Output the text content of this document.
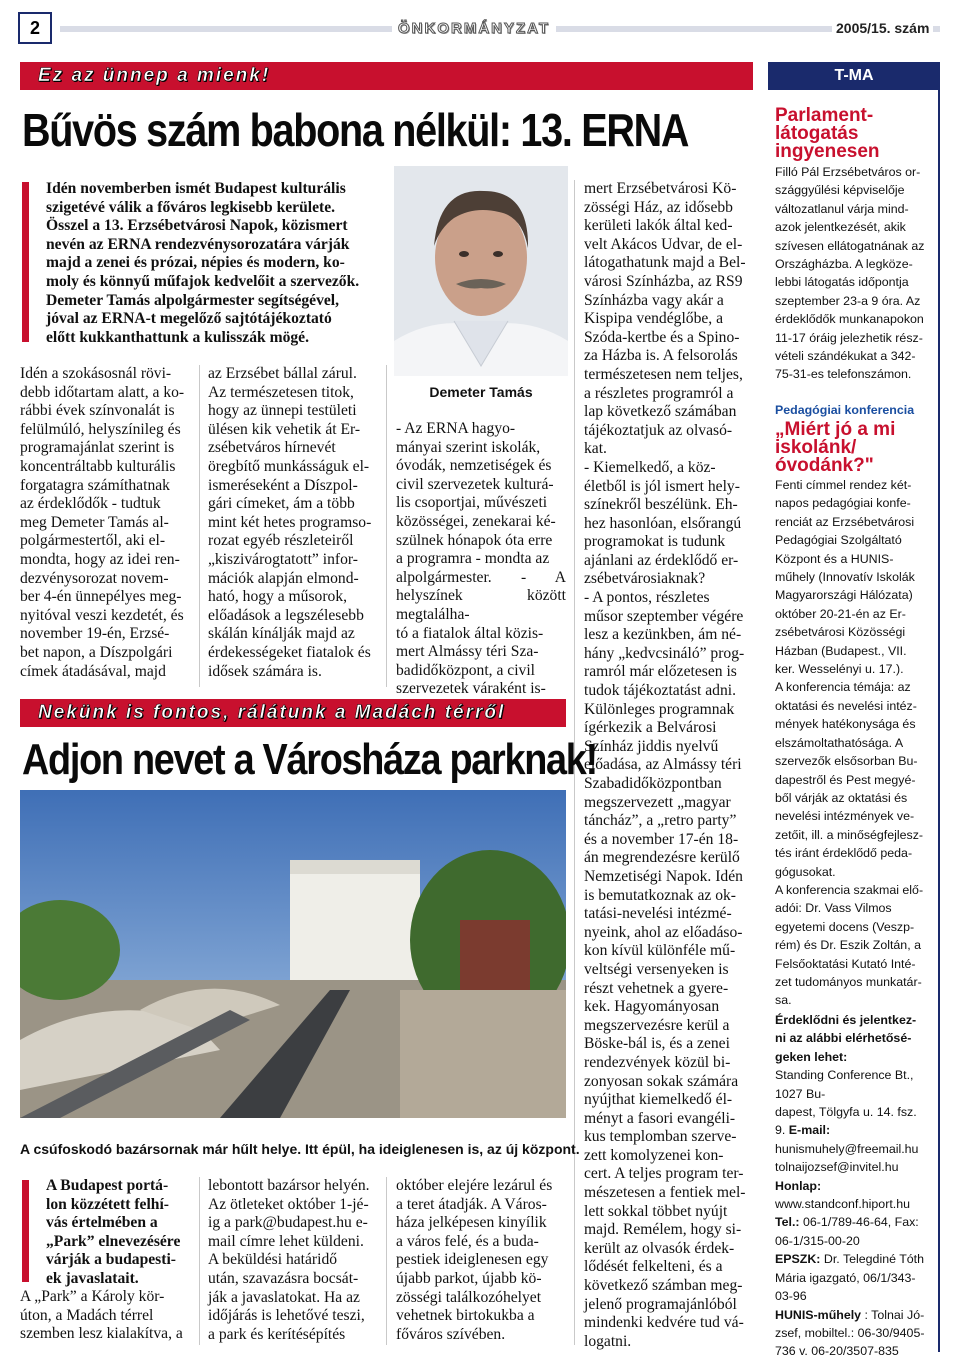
2	ÖNKORMÁNYZAT	2005/15. szám
Ez az ünnep a mienk!
Bűvös szám babona nélkül: 13. ERNA
Idén novemberben ismét Budapest kulturális
szigetévé válik a főváros legkisebb kerülete.
Összel a 13. Erzsébetvárosi Napok, közismert
nevén az ERNA rendezvénysorozatára várják
majd a zenei és prózai, népies és modern, ko-
moly és könnyű műfajok kedvelőit a szervezők.
Demeter Tamás alpolgármester segítségével,
jóval az ERNA-t megelőző sajtótájékoztató
előtt kukkanthattunk a kulisszák mögé.
Demeter Tamás
Idén a szokásosnál rövi-
debb időtartam alatt, a ko-
rábbi évek színvonalát is
felülmúló, helyszínileg és
programajánlat szerint is
koncentráltabb kulturális
forgatagra számíthatnak
az érdeklődők - tudtuk
meg Demeter Tamás al-
polgármestertől, aki el-
mondta, hogy az idei ren-
dezvénysorozat novem-
ber 4-én ünnepélyes meg-
nyitóval veszi kezdetét, és
november 19-én, Erzsé-
bet napon, a Díszpolgári
címek átadásával, majd
az Erzsébet bállal zárul.
Az természetesen titok,
hogy az ünnepi testületi
ülésen kik vehetik át Er-
zsébetváros hírnevét
öregbítő munkásságuk el-
ismeréseként a Díszpol-
gári címeket, ám a több
mint két hetes programso-
rozat egyéb részleteiről
„kiszivárogtatott” infor-
mációk alapján elmond-
ható, hogy a műsorok,
előadások a legszélesebb
skálán kínálják majd az
érdekességeket fiatalok és
idősek számára is.
- Az ERNA hagyo-
mányai szerint iskolák,
óvodák, nemzetiségek és
civil szervezetek kulturá-
lis csoportjai, művészeti
közösségei, zenekarai ké-
szülnek hónapok óta erre
a programra - mondta az
alpolgármester. - A helyszínek között megtalálha-
tó a fiatalok által közis-
mert Almássy téri Sza-
badidőközpont, a civil
szervezetek váraként is-
mert Erzsébetvárosi Kö-
zösségi Ház, az idősebb
kerületi lakók által ked-
velt Akácos Udvar, de el-
látogathatunk majd a Bel-
városi Színházba, az RS9
Színházba vagy akár a
Kispipa vendéglőbe, a
Szóda-kertbe és a Spino-
za Házba is. A felsorolás
természetesen nem teljes,
a részletes programról a
lap következő számában
tájékoztatjuk az olvasó-
kat.
- Kiemelkedő, a köz-
életből is jól ismert hely-
színekről beszélünk. Eh-
hez hasonlóan, elsőrangú
programokat is tudunk
ajánlani az érdeklődő er-
zsébetvárosiaknak?
- A pontos, részletes
műsor szeptember végére
lesz a kezünkben, ám né-
hány „kedvcsináló” prog-
ramról már előzetesen is
tudok tájékoztatást adni.
Különleges programnak
ígérkezik a Belvárosi
Színház jiddis nyelvű
előadása, az Almássy téri
Szabadidőközpontban
megszervezett „magyar
táncház”, a „retro party”
és a november 17-én 18-
án megrendezésre kerülő
Nemzetiségi Napok. Idén
is bemutatkoznak az ok-
tatási-nevelési intézmé-
nyeink, ahol az előadáso-
kon kívül különféle mű-
veltségi versenyeken is
részt vehetnek a gyere-
kek. Hagyományosan
megszervezésre kerül a
Böske-bál is, és a zenei
rendezvények közül bi-
zonyosan sokak számára
nyújthat kiemelkedő él-
ményt a fasori evangéli-
kus templomban szerve-
zett komolyzenei kon-
cert. A teljes program ter-
mészetesen a fentiek mel-
lett sokkal többet nyújt
majd. Remélem, hogy si-
került az olvasók érdek-
lődését felkelteni, és a
következő számban meg-
jelenő programajánlóból
mindenki kedvére tud vá-
logatni.
Nekünk is fontos, rálátunk a Madách térről
Adjon nevet a Városháza parknak!
A csúfoskodó bazársornak már hűlt helye. Itt épül, ha ideiglenesen is, az új központ.
A Budapest portá-
lon közzétett felhí-
vás értelmében a
„Park” elnevezésére
várják a budapesti-
ek javaslatait.
A „Park” a Károly kör-
úton, a Madách térrel
szemben lesz kialakítva, a
lebontott bazársor helyén.
Az ötleteket október 1-jé-
ig a park@budapest.hu e-
mail címre lehet küldeni.
A beküldési határidő
után, szavazásra bocsát-
ják a javaslatokat. Ha az
időjárás is lehetővé teszi,
a park és kerítésépítés
október elejére lezárul és
a teret átadják. A Város-
háza jelképesen kinyílik
a város felé, és a buda-
pestiek ideiglenesen egy
újabb parkot, újabb kö-
zösségi találkozóhelyet
vehetnek birtokukba a
főváros szívében.
T-MA
Parlament-
látogatás
ingyenesen
Filló Pál Erzsébetváros or-
szággyűlési képviselője
változatlanul várja mind-
azok jelentkezését, akik
szívesen ellátogatnának az
Országházba. A legköze-
lebbi látogatás időpontja
szeptember 23-a 9 óra. Az
érdeklődők munkanapokon
11-17 óráig jelezhetik rész-
vételi szándékukat a 342-
75-31-es telefonszámon.
Pedagógiai konferencia
„Miért jó a mi
iskolánk/
óvodánk?"
Fenti címmel rendez két-
napos pedagógiai konfe-
renciát az Erzsébetvárosi
Pedagógiai Szolgáltató
Központ és a HUNIS-
műhely (Innovatív Iskolák
Magyarországi Hálózata)
október 20-21-én az Er-
zsébetvárosi Közösségi
Házban (Budapest., VII.
ker. Wesselényi u. 17.).
A konferencia témája: az
oktatási és nevelési intéz-
mények hatékonysága és
elszámoltathatósága. A
szervezők elsősorban Bu-
dapestről és Pest megyé-
ből várják az oktatási és
nevelési intézmények ve-
zetőit, ill. a minőségfejlesz-
tés iránt érdeklődő peda-
gógusokat.
A konferencia szakmai elő-
adói: Dr. Vass Vilmos
egyetemi docens (Veszp-
rém) és Dr. Eszik Zoltán, a
Felsőoktatási Kutató Inté-
zet tudományos munkatár-
sa.
Érdeklődni és jelentkez-
ni az alábbi elérhetősé-
geken lehet:
Standing Conference Bt., 1027 Bu-
dapest, Tölgyfa u. 14. fsz.
9. E-mail:
hunismuhely@freemail.hu
tolnaijozsef@invitel.hu
Honlap:
www.standconf.hiport.hu
Tel.: 06-1/789-46-64, Fax:
06-1/315-00-20
EPSZK: Dr. Telegdiné Tóth
Mária igazgató, 06/1/343-
03-96
HUNIS-műhely : Tolnai Jó-
zsef, mobiltel.: 06-30/9405-
736 v. 06-20/3507-835
